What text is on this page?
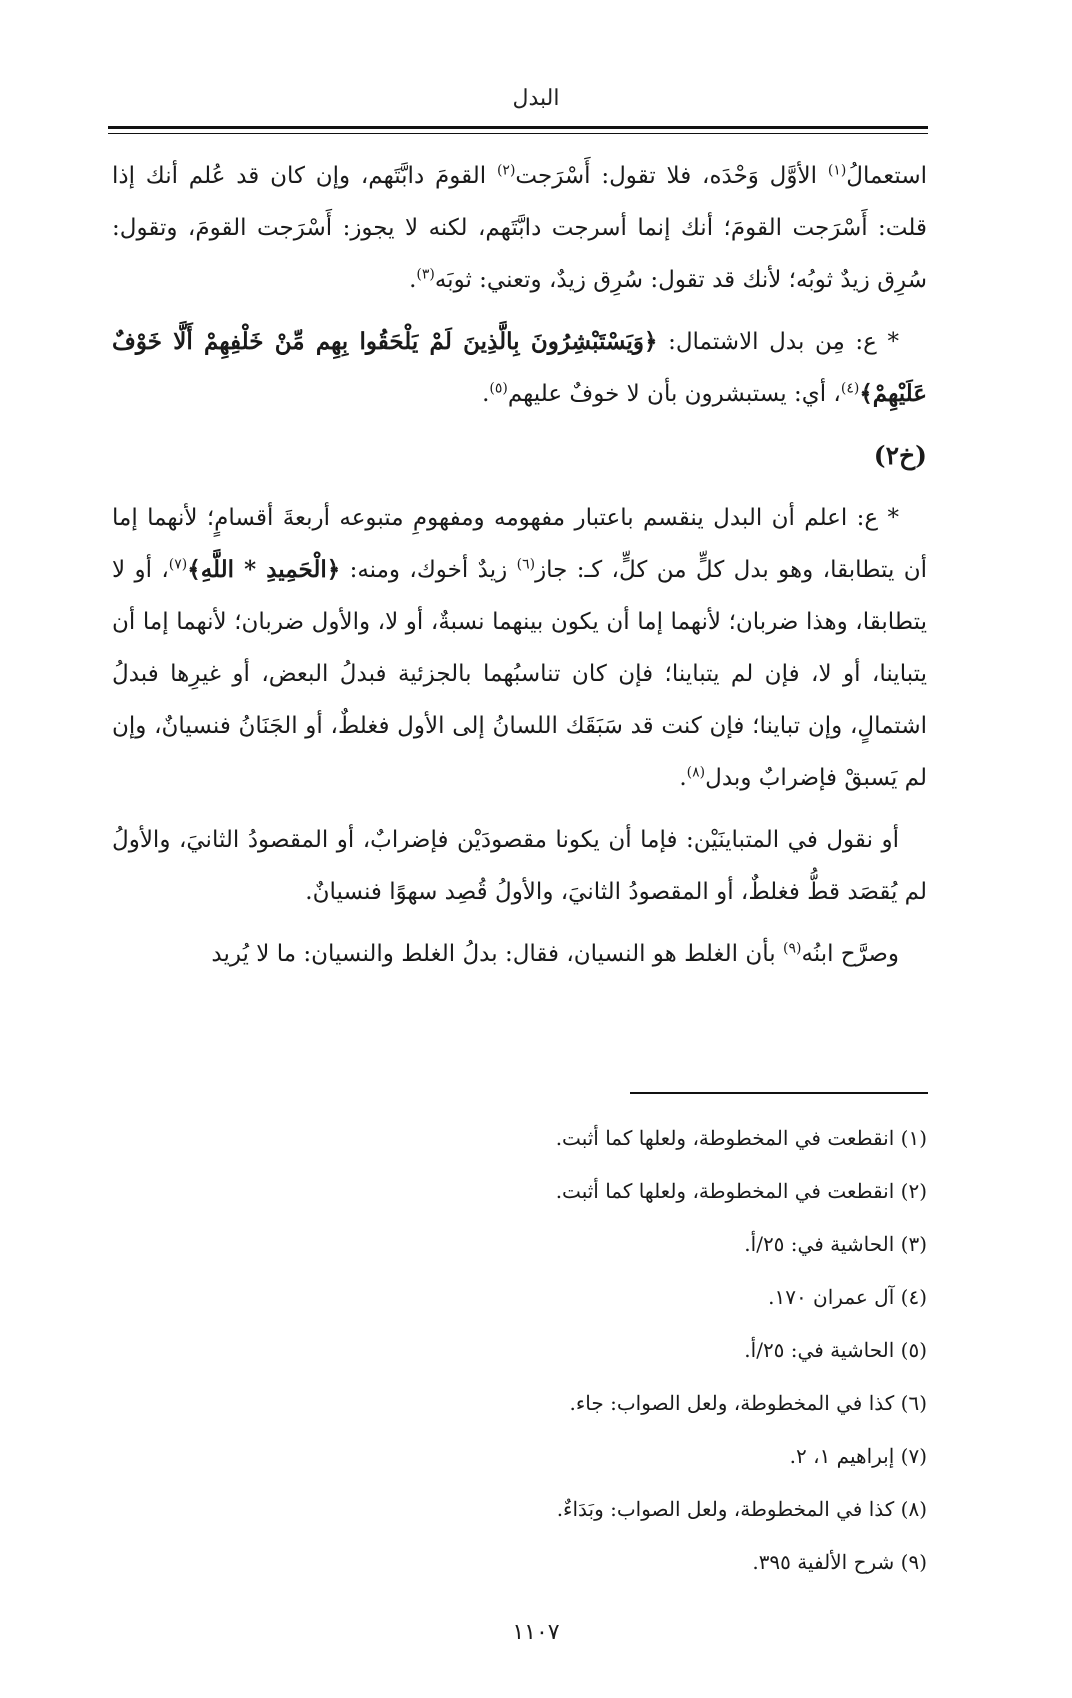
البدل

استعمالُ$^{(١)}$ الأوَّل وَحْدَه، فلا تقول: أَسْرَجت$^{(٢)}$ القومَ دابَّتَهم، وإن كان قد عُلم أنك إذا قلت: أَسْرَجت القومَ؛ أنك إنما أسرجت دابَّتَهم، لكنه لا يجوز: أَسْرَجت القومَ، وتقول: سُرِق زيدٌ ثوبُه؛ لأنك قد تقول: سُرِق زيدٌ، وتعني: ثوبَه$^{(٣)}$.

* ع: مِن بدل الاشتمال: ﴿وَيَسْتَبْشِرُونَ بِالَّذِينَ لَمْ يَلْحَقُوا بِهِم مِّنْ خَلْفِهِمْ أَلَّا خَوْفٌ عَلَيْهِمْ﴾$^{(٤)}$، أي: يستبشرون بأن لا خوفٌ عليهم$^{(٥)}$.

(خ٢)

* ع: اعلم أن البدل ينقسم باعتبار مفهومه ومفهومِ متبوعه أربعةَ أقسامٍ؛ لأنهما إما أن يتطابقا، وهو بدل كلٍّ من كلٍّ، كـ: جاز$^{(٦)}$ زيدٌ أخوك، ومنه: ﴿الْحَمِيدِ * اللَّهِ﴾$^{(٧)}$، أو لا يتطابقا، وهذا ضربان؛ لأنهما إما أن يكون بينهما نسبةٌ، أو لا، والأول ضربان؛ لأنهما إما أن يتباينا، أو لا، فإن لم يتباينا؛ فإن كان تناسبُهما بالجزئية فبدلُ البعض، أو غيرِها فبدلُ اشتمالٍ، وإن تباينا؛ فإن كنت قد سَبَقَك اللسانُ إلى الأول فغلطٌ، أو الجَنَانُ فنسيانٌ، وإن لم يَسبقْ فإضرابٌ وبدل$^{(٨)}$.

أو نقول في المتباينَيْن: فإما أن يكونا مقصودَيْن فإضرابٌ، أو المقصودُ الثانيَ، والأولُ لم يُقصَد قطُّ فغلطٌ، أو المقصودُ الثانيَ، والأولُ قُصِد سهوًا فنسيانٌ.

وصرَّح ابنُه$^{(٩)}$ بأن الغلط هو النسيان، فقال: بدلُ الغلط والنسيان: ما لا يُريد

(١) انقطعت في المخطوطة، ولعلها كما أثبت.
(٢) انقطعت في المخطوطة، ولعلها كما أثبت.
(٣) الحاشية في: ٢٥/أ.
(٤) آل عمران ١٧٠.
(٥) الحاشية في: ٢٥/أ.
(٦) كذا في المخطوطة، ولعل الصواب: جاء.
(٧) إبراهيم ١، ٢.
(٨) كذا في المخطوطة، ولعل الصواب: وبَدَاءٌ.
(٩) شرح الألفية ٣٩٥.
١١٠٧
